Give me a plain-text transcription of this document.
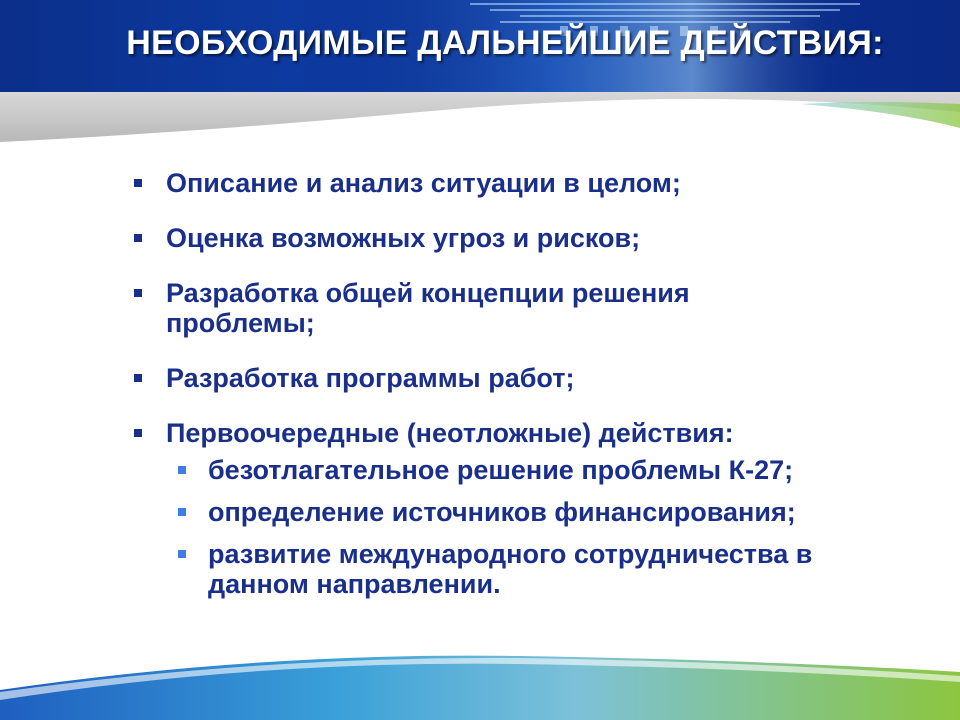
НЕОБХОДИМЫЕ ДАЛЬНЕЙШИЕ ДЕЙСТВИЯ:
Описание и анализ ситуации в целом;
Оценка возможных угроз и рисков;
Разработка общей концепции решения проблемы;
Разработка программы работ;
Первоочередные (неотложные) действия:
безотлагательное решение проблемы К-27;
определение источников финансирования;
развитие международного сотрудничества в данном направлении.
